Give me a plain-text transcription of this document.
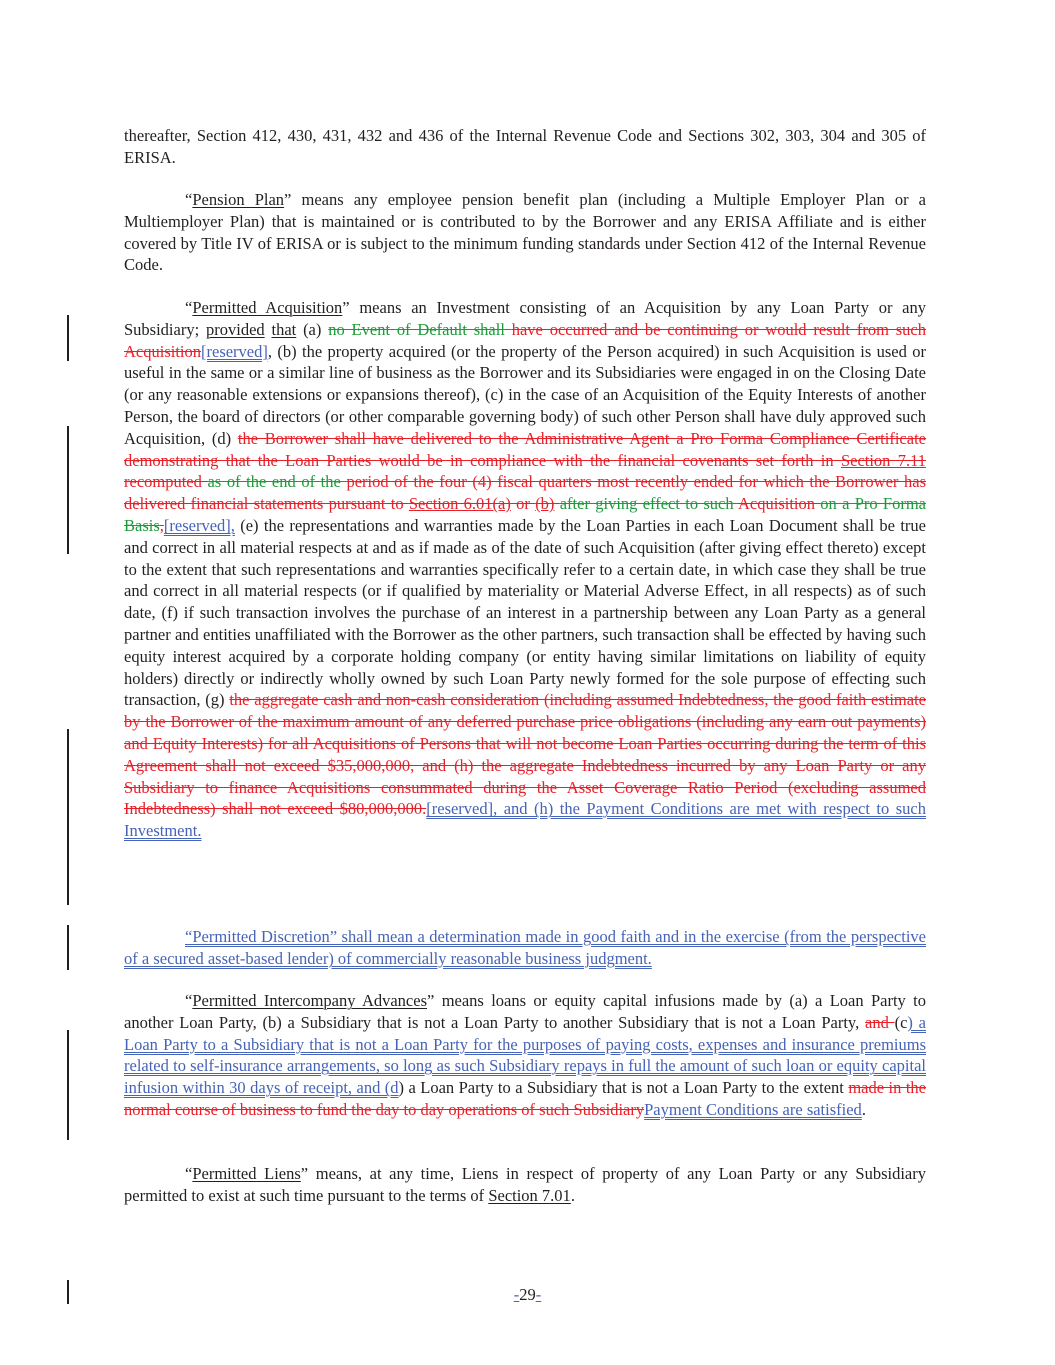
thereafter, Section 412, 430, 431, 432 and 436 of the Internal Revenue Code and Sections 302, 303, 304 and 305 of ERISA.

“Pension Plan” means any employee pension benefit plan (including a Multiple Employer Plan or a Multiemployer Plan) that is maintained or is contributed to by the Borrower and any ERISA Affiliate and is either covered by Title IV of ERISA or is subject to the minimum funding standards under Section 412 of the Internal Revenue Code.

“Permitted Acquisition” means an Investment consisting of an Acquisition by any Loan Party or any Subsidiary; provided that (a) no Event of Default shall have occurred and be continuing or would result from such Acquisition[reserved], (b) the property acquired (or the property of the Person acquired) in such Acquisition is used or useful in the same or a similar line of business as the Borrower and its Subsidiaries were engaged in on the Closing Date (or any reasonable extensions or expansions thereof), (c) in the case of an Acquisition of the Equity Interests of another Person, the board of directors (or other comparable governing body) of such other Person shall have duly approved such Acquisition, (d) the Borrower shall have delivered to the Administrative Agent a Pro Forma Compliance Certificate demonstrating that the Loan Parties would be in compliance with the financial covenants set forth in Section 7.11 recomputed as of the end of the period of the four (4) fiscal quarters most recently ended for which the Borrower has delivered financial statements pursuant to Section 6.01(a) or (b) after giving effect to such Acquisition on a Pro Forma Basis,[reserved], (e) the representations and warranties made by the Loan Parties in each Loan Document shall be true and correct in all material respects at and as if made as of the date of such Acquisition (after giving effect thereto) except to the extent that such representations and warranties specifically refer to a certain date, in which case they shall be true and correct in all material respects (or if qualified by materiality or Material Adverse Effect, in all respects) as of such date, (f) if such transaction involves the purchase of an interest in a partnership between any Loan Party as a general partner and entities unaffiliated with the Borrower as the other partners, such transaction shall be effected by having such equity interest acquired by a corporate holding company (or entity having similar limitations on liability of equity holders) directly or indirectly wholly owned by such Loan Party newly formed for the sole purpose of effecting such transaction, (g) the aggregate cash and non-cash consideration (including assumed Indebtedness, the good faith estimate by the Borrower of the maximum amount of any deferred purchase price obligations (including any earn out payments) and Equity Interests) for all Acquisitions of Persons that will not become Loan Parties occurring during the term of this Agreement shall not exceed $35,000,000, and (h) the aggregate Indebtedness incurred by any Loan Party or any Subsidiary to finance Acquisitions consummated during the Asset Coverage Ratio Period (excluding assumed Indebtedness) shall not exceed $80,000,000.[reserved], and (h) the Payment Conditions are met with respect to such Investment.

“Permitted Discretion” shall mean a determination made in good faith and in the exercise (from the perspective of a secured asset-based lender) of commercially reasonable business judgment.

“Permitted Intercompany Advances” means loans or equity capital infusions made by (a) a Loan Party to another Loan Party, (b) a Subsidiary that is not a Loan Party to another Subsidiary that is not a Loan Party, and (c) a Loan Party to a Subsidiary that is not a Loan Party for the purposes of paying costs, expenses and insurance premiums related to self-insurance arrangements, so long as such Subsidiary repays in full the amount of such loan or equity capital infusion within 30 days of receipt, and (d) a Loan Party to a Subsidiary that is not a Loan Party to the extent made in the normal course of business to fund the day to day operations of such SubsidiaryPayment Conditions are satisfied.

“Permitted Liens” means, at any time, Liens in respect of property of any Loan Party or any Subsidiary permitted to exist at such time pursuant to the terms of Section 7.01.

-29-
